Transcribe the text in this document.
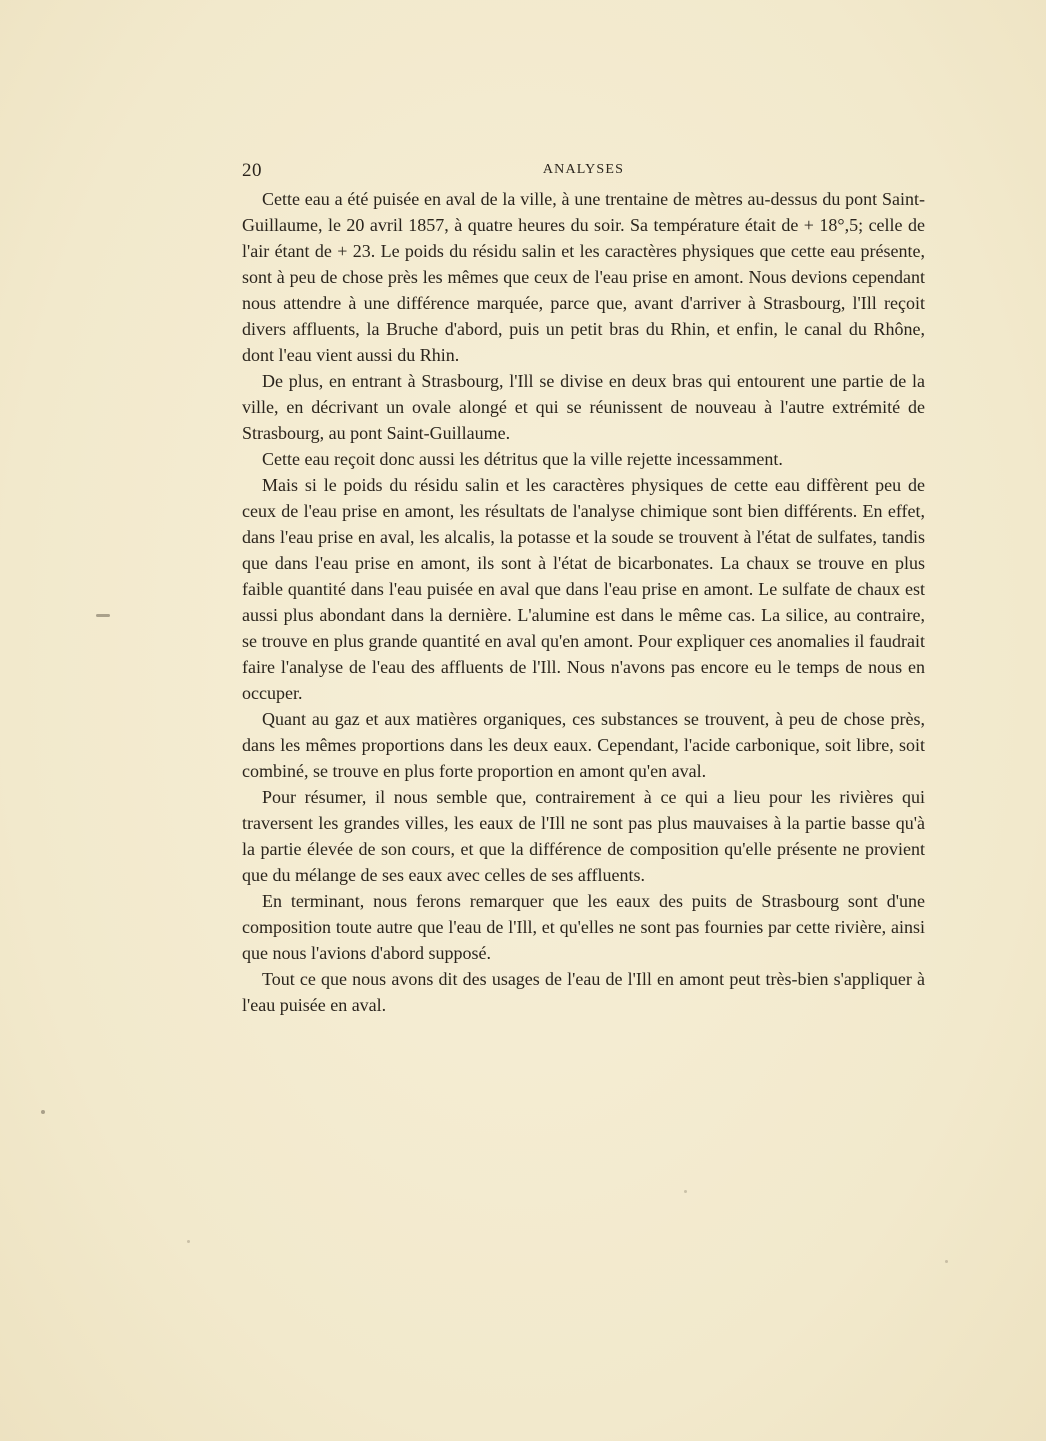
20	ANALYSES

Cette eau a été puisée en aval de la ville, à une trentaine de mètres au-dessus du pont Saint-Guillaume, le 20 avril 1857, à quatre heures du soir. Sa température était de + 18°,5; celle de l'air étant de + 23. Le poids du résidu salin et les caractères physiques que cette eau présente, sont à peu de chose près les mêmes que ceux de l'eau prise en amont. Nous devions cependant nous attendre à une différence marquée, parce que, avant d'arriver à Strasbourg, l'Ill reçoit divers affluents, la Bruche d'abord, puis un petit bras du Rhin, et enfin, le canal du Rhône, dont l'eau vient aussi du Rhin.

De plus, en entrant à Strasbourg, l'Ill se divise en deux bras qui entourent une partie de la ville, en décrivant un ovale alongé et qui se réunissent de nouveau à l'autre extrémité de Strasbourg, au pont Saint-Guillaume.

Cette eau reçoit donc aussi les détritus que la ville rejette incessamment.

Mais si le poids du résidu salin et les caractères physiques de cette eau diffèrent peu de ceux de l'eau prise en amont, les résultats de l'analyse chimique sont bien différents. En effet, dans l'eau prise en aval, les alcalis, la potasse et la soude se trouvent à l'état de sulfates, tandis que dans l'eau prise en amont, ils sont à l'état de bicarbonates. La chaux se trouve en plus faible quantité dans l'eau puisée en aval que dans l'eau prise en amont. Le sulfate de chaux est aussi plus abondant dans la dernière. L'alumine est dans le même cas. La silice, au contraire, se trouve en plus grande quantité en aval qu'en amont. Pour expliquer ces anomalies il faudrait faire l'analyse de l'eau des affluents de l'Ill. Nous n'avons pas encore eu le temps de nous en occuper.

Quant au gaz et aux matières organiques, ces substances se trouvent, à peu de chose près, dans les mêmes proportions dans les deux eaux. Cependant, l'acide carbonique, soit libre, soit combiné, se trouve en plus forte proportion en amont qu'en aval.

Pour résumer, il nous semble que, contrairement à ce qui a lieu pour les rivières qui traversent les grandes villes, les eaux de l'Ill ne sont pas plus mauvaises à la partie basse qu'à la partie élevée de son cours, et que la différence de composition qu'elle présente ne provient que du mélange de ses eaux avec celles de ses affluents.

En terminant, nous ferons remarquer que les eaux des puits de Strasbourg sont d'une composition toute autre que l'eau de l'Ill, et qu'elles ne sont pas fournies par cette rivière, ainsi que nous l'avions d'abord supposé.

Tout ce que nous avons dit des usages de l'eau de l'Ill en amont peut très-bien s'appliquer à l'eau puisée en aval.
